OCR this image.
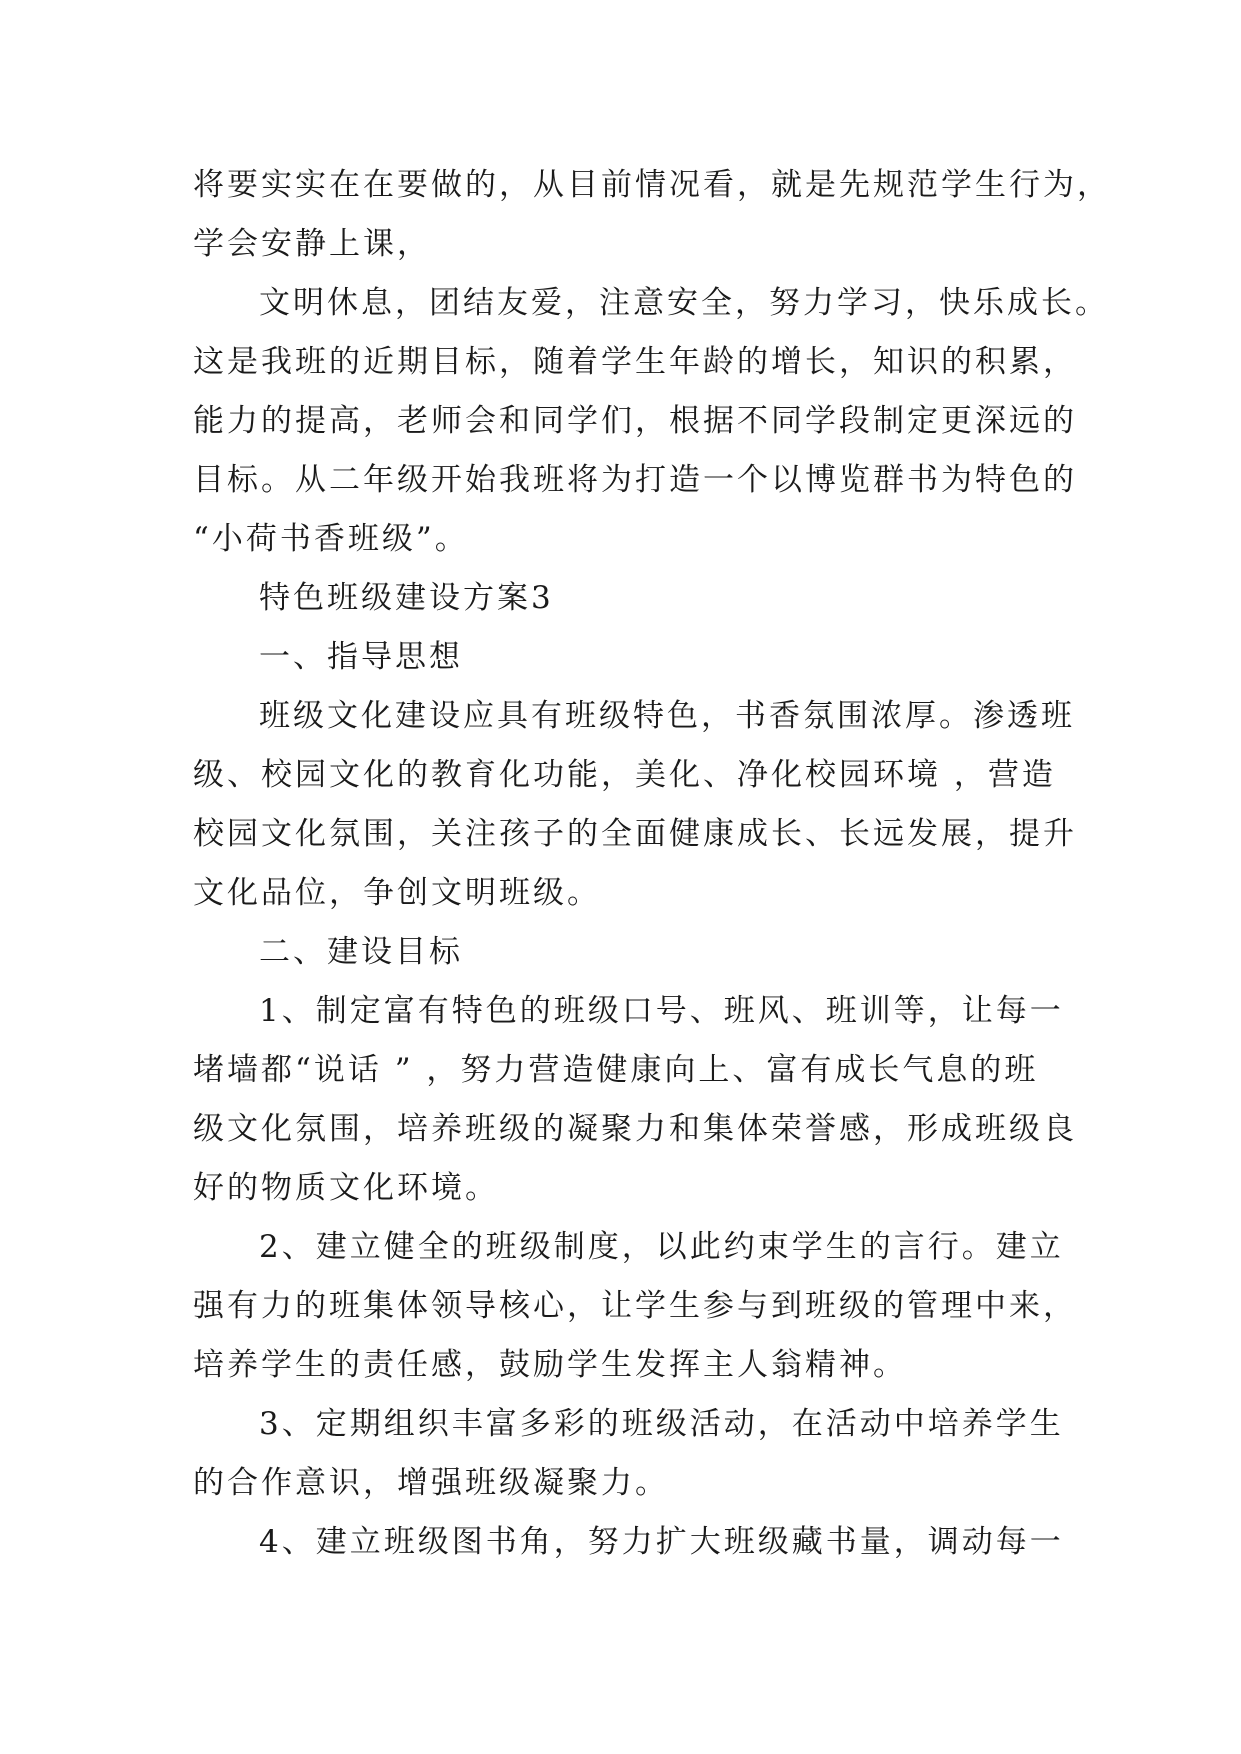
将要实实在在要做的，从目前情况看，就是先规范学生行为，
学会安静上课，
文明休息，团结友爱，注意安全，努力学习，快乐成长。
这是我班的近期目标，随着学生年龄的增长，知识的积累，
能力的提高，老师会和同学们，根据不同学段制定更深远的
目标。从二年级开始我班将为打造一个以博览群书为特色的
“小荷书香班级”。
特色班级建设方案3
一、指导思想
班级文化建设应具有班级特色，书香氛围浓厚。渗透班
级、校园文化的教育化功能，美化、净化校园环境 ，营造
校园文化氛围，关注孩子的全面健康成长、长远发展，提升
文化品位，争创文明班级。
二、建设目标
1、制定富有特色的班级口号、班风、班训等，让每一
堵墙都“说话 ” ，努力营造健康向上、富有成长气息的班
级文化氛围，培养班级的凝聚力和集体荣誉感，形成班级良
好的物质文化环境。
2、建立健全的班级制度，以此约束学生的言行。建立
强有力的班集体领导核心，让学生参与到班级的管理中来，
培养学生的责任感，鼓励学生发挥主人翁精神。
3、定期组织丰富多彩的班级活动，在活动中培养学生
的合作意识，增强班级凝聚力。
4、建立班级图书角，努力扩大班级藏书量，调动每一
